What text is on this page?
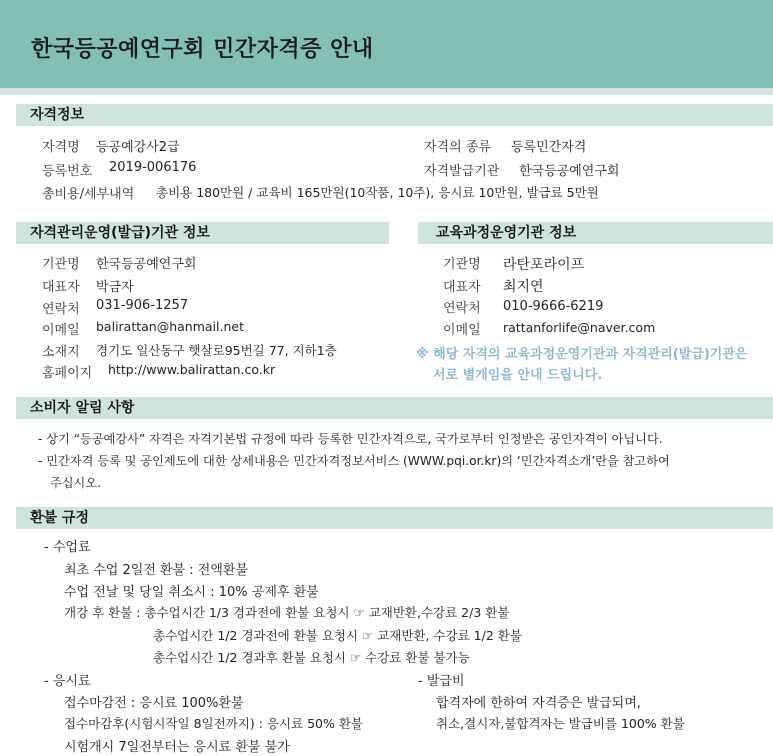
한국등공예연구회 민간자격증 안내
자격정보
자격명 등공예강사2급	자격의 종류 등록민간자격
등록번호 2019-006176	자격발급기관 한국등공예연구회
총비용/세부내역 총비용 180만원 / 교육비 165만원(10작품, 10주), 응시료 10만원, 발급료 5만원
자격관리운영(발급)기관 정보
기관명 한국등공예연구회
대표자 박금자
연락처 031-906-1257
이메일 balirattan@hanmail.net
소재지 경기도 일산동구 햇살로95번길 77, 지하1층
홈페이지 http://www.balirattan.co.kr
교육과정운영기관 정보
기관명 라탄포라이프
대표자 최지연
연락처 010-9666-6219
이메일 rattanforlife@naver.com
※ 해당 자격의 교육과정운영기관과 자격관리(발급)기관은
서로 별개임을 안내 드립니다.
소비자 알림 사항
- 상기 “등공예강사” 자격은 자격기본법 규정에 따라 등록한 민간자격으로, 국가로부터 인정받은 공인자격이 아닙니다.
- 민간자격 등록 및 공인제도에 대한 상세내용은 민간자격정보서비스 (WWW.pqi.or.kr)의 ‘민간자격소개’란을 참고하여
주십시오.
환불 규정
- 수업료
최초 수업 2일전 환불 : 전액환불
수업 전날 및 당일 취소시 : 10% 공제후 환불
개강 후 환불 : 총수업시간 1/3 경과전에 환불 요청시 ☞ 교재반환,수강료 2/3 환불
총수업시간 1/2 경과전에 환불 요청시 ☞ 교재반환, 수강료 1/2 환불
총수업시간 1/2 경과후 환불 요청시 ☞ 수강료 환불 불가능
- 응시료
접수마감전 : 응시료 100%환불
접수마감후(시험시작일 8일전까지) : 응시료 50% 환불
시험개시 7일전부터는 응시료 환불 불가
- 발급비
합격자에 한하여 자격증은 발급되며,
취소,결시자,불합격자는 발급비를 100% 환불
